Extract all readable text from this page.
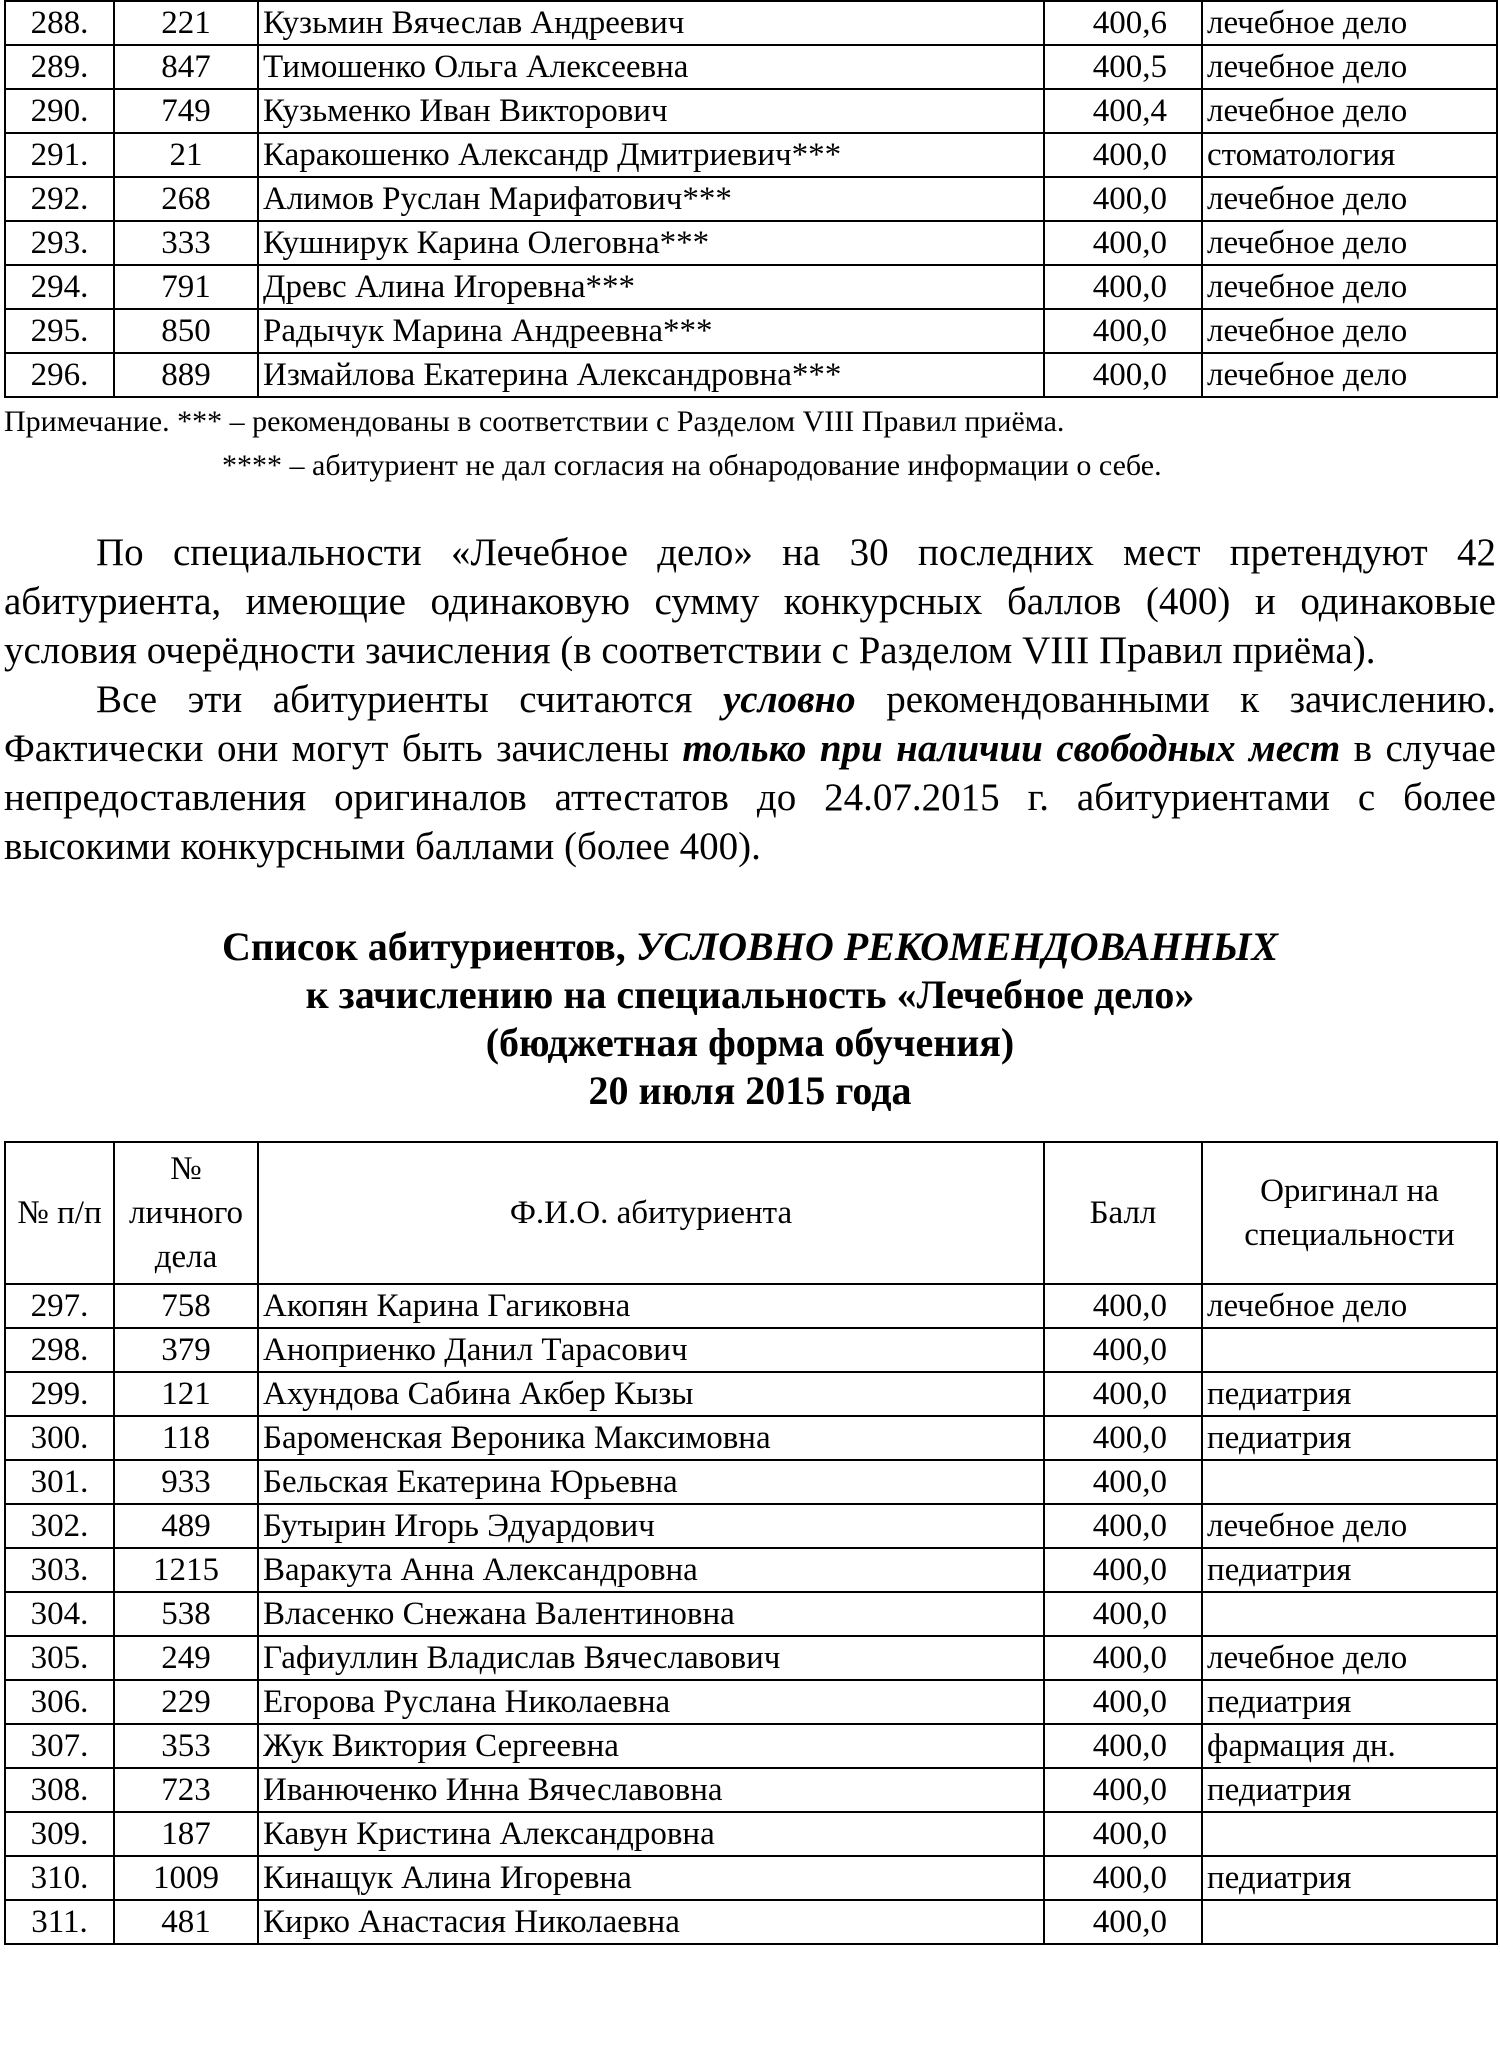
288.	221	Кузьмин Вячеслав Андреевич	400,6	лечебное дело
289.	847	Тимошенко Ольга Алексеевна	400,5	лечебное дело
290.	749	Кузьменко Иван Викторович	400,4	лечебное дело
291.	21	Каракошенко Александр Дмитриевич***	400,0	стоматология
292.	268	Алимов Руслан Марифатович***	400,0	лечебное дело
293.	333	Кушнирук Карина Олеговна***	400,0	лечебное дело
294.	791	Древс Алина Игоревна***	400,0	лечебное дело
295.	850	Радычук Марина Андреевна***	400,0	лечебное дело
296.	889	Измайлова Екатерина Александровна***	400,0	лечебное дело
Примечание. *** – рекомендованы в соответствии с Разделом VIII Правил приёма.
**** – абитуриент не дал согласия на обнародование информации о себе.

По специальности «Лечебное дело» на 30 последних мест претендуют 42 абитуриента, имеющие одинаковую сумму конкурсных баллов (400) и одинаковые условия очерёдности зачисления (в соответствии с Разделом VIII Правил приёма).

Все эти абитуриенты считаются условно рекомендованными к зачислению. Фактически они могут быть зачислены только при наличии свободных мест в случае непредоставления оригиналов аттестатов до 24.07.2015 г. абитуриентами с более высокими конкурсными баллами (более 400).

Список абитуриентов, УСЛОВНО РЕКОМЕНДОВАННЫХ
к зачислению на специальность «Лечебное дело»
(бюджетная форма обучения)
20 июля 2015 года
№ п/п	№ личного дела	Ф.И.О. абитуриента	Балл	Оригинал на специальности
297.	758	Акопян Карина Гагиковна	400,0	лечебное дело
298.	379	Аноприенко Данил Тарасович	400,0	
299.	121	Ахундова Сабина Акбер Кызы	400,0	педиатрия
300.	118	Бароменская Вероника Максимовна	400,0	педиатрия
301.	933	Бельская Екатерина Юрьевна	400,0	
302.	489	Бутырин Игорь Эдуардович	400,0	лечебное дело
303.	1215	Варакута Анна Александровна	400,0	педиатрия
304.	538	Власенко Снежана Валентиновна	400,0	
305.	249	Гафиуллин Владислав Вячеславович	400,0	лечебное дело
306.	229	Егорова Руслана Николаевна	400,0	педиатрия
307.	353	Жук Виктория Сергеевна	400,0	фармация дн.
308.	723	Иванюченко Инна Вячеславовна	400,0	педиатрия
309.	187	Кавун Кристина Александровна	400,0	
310.	1009	Кинащук Алина Игоревна	400,0	педиатрия
311.	481	Кирко Анастасия Николаевна	400,0	
